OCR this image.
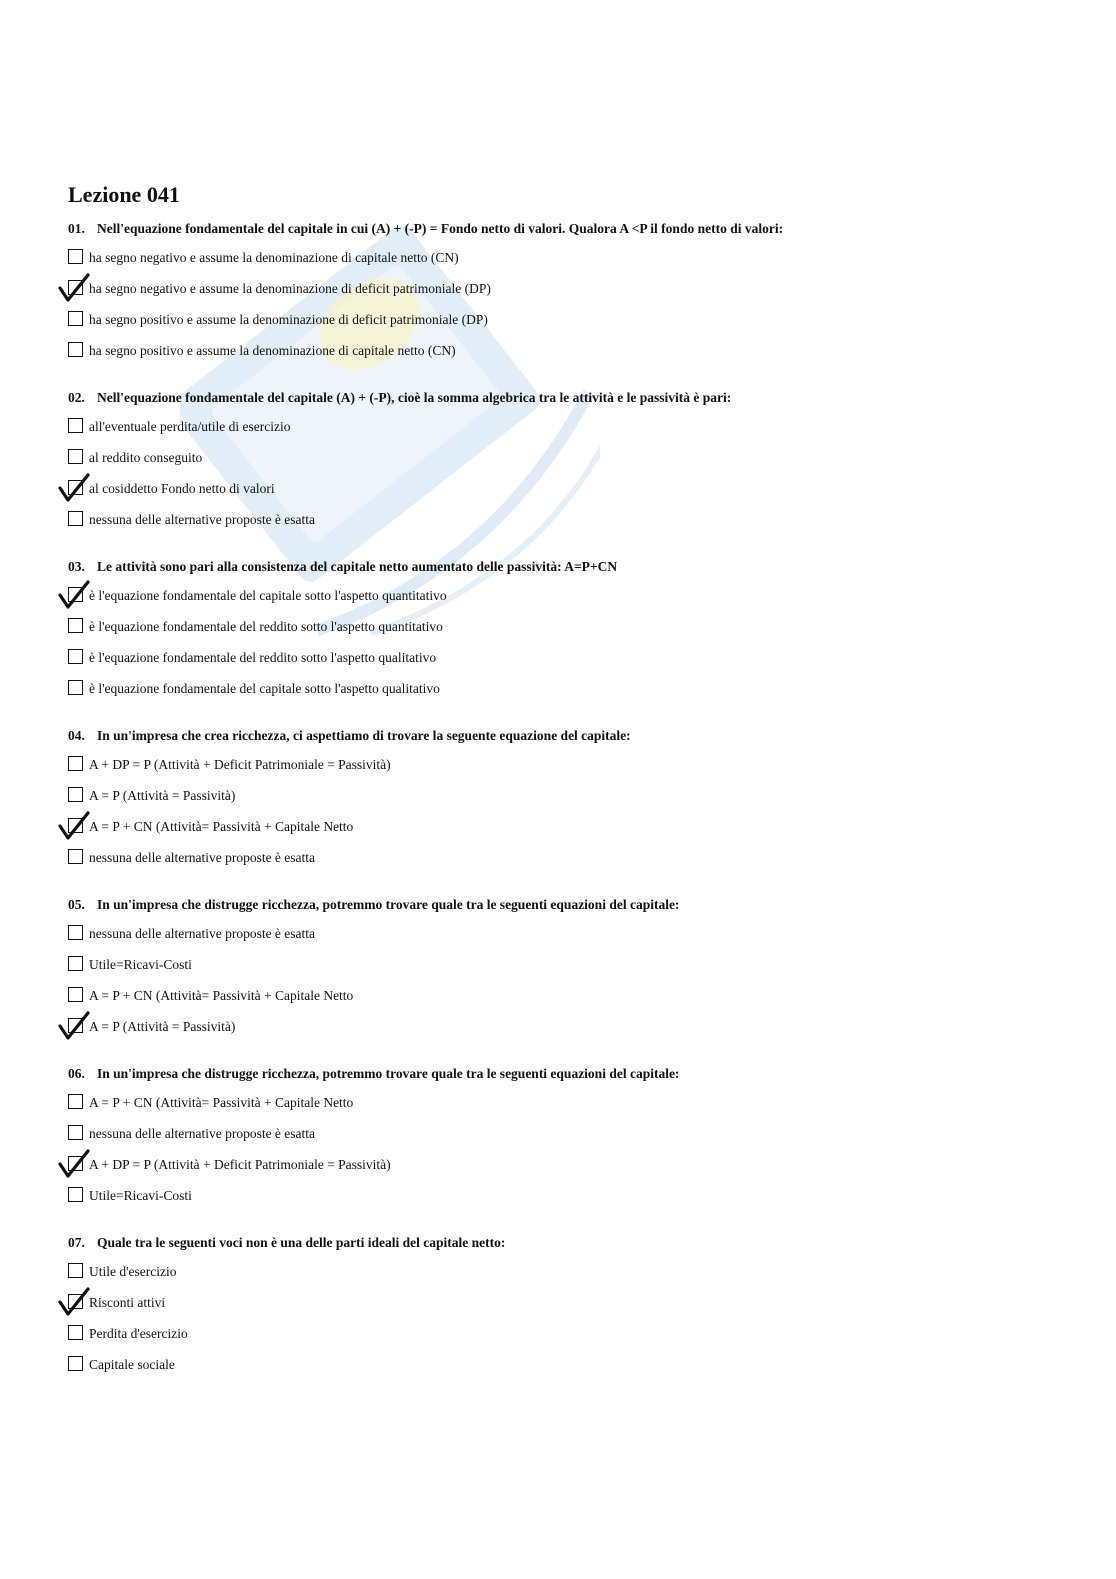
Lezione 041
01. Nell'equazione fondamentale del capitale in cui (A) + (-P) = Fondo netto di valori. Qualora A <P il fondo netto di valori:
ha segno negativo e assume la denominazione di capitale netto (CN)
ha segno negativo e assume la denominazione di deficit patrimoniale (DP)
ha segno positivo e assume la denominazione di deficit patrimoniale (DP)
ha segno positivo e assume la denominazione di capitale netto (CN)
02. Nell'equazione fondamentale del capitale (A) + (-P), cioè la somma algebrica tra le attività e le passività è pari:
all'eventuale perdita/utile di esercizio
al reddito conseguito
al cosiddetto Fondo netto di valori
nessuna delle alternative proposte è esatta
03. Le attività sono pari alla consistenza del capitale netto aumentato delle passività: A=P+CN
è l'equazione fondamentale del capitale sotto l'aspetto quantitativo
è l'equazione fondamentale del reddito sotto l'aspetto quantitativo
è l'equazione fondamentale del reddito sotto l'aspetto qualitativo
è l'equazione fondamentale del capitale sotto l'aspetto qualitativo
04. In un'impresa che crea ricchezza, ci aspettiamo di trovare la seguente equazione del capitale:
A + DP = P (Attività + Deficit Patrimoniale = Passività)
A = P (Attività = Passività)
A = P + CN (Attività= Passività + Capitale Netto
nessuna delle alternative proposte è esatta
05. In un'impresa che distrugge ricchezza, potremmo trovare quale tra le seguenti equazioni del capitale:
nessuna delle alternative proposte è esatta
Utile=Ricavi-Costi
A = P + CN (Attività= Passività + Capitale Netto
A = P (Attività = Passività)
06. In un'impresa che distrugge ricchezza, potremmo trovare quale tra le seguenti equazioni del capitale:
A = P + CN (Attività= Passività + Capitale Netto
nessuna delle alternative proposte è esatta
A + DP = P (Attività + Deficit Patrimoniale = Passività)
Utile=Ricavi-Costi
07. Quale tra le seguenti voci non è una delle parti ideali del capitale netto:
Utile d'esercizio
Risconti attivi
Perdita d'esercizio
Capitale sociale
